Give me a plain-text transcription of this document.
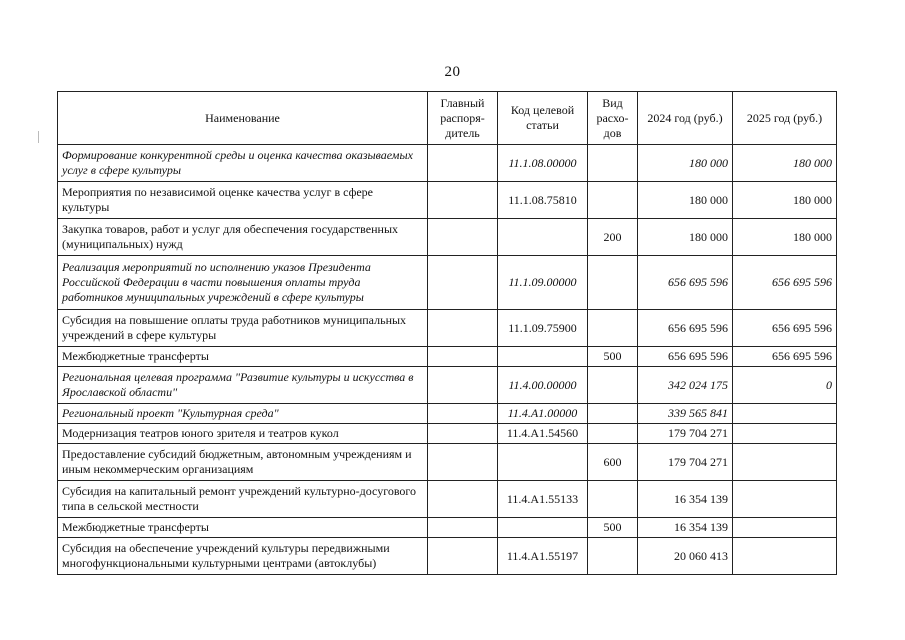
20
Наименование	Главный распоря-дитель	Код целевой статьи	Вид расхо-дов	2024 год (руб.)	2025 год (руб.)
Формирование конкурентной среды и оценка качества оказываемых услуг в сфере культуры		11.1.08.00000		180 000	180 000
Мероприятия по независимой оценке качества услуг в сфере культуры		11.1.08.75810		180 000	180 000
Закупка товаров, работ и услуг для обеспечения государственных (муниципальных) нужд			200	180 000	180 000
Реализация мероприятий по исполнению указов Президента Российской Федерации в части повышения оплаты труда работников муниципальных учреждений в сфере культуры		11.1.09.00000		656 695 596	656 695 596
Субсидия на повышение оплаты труда работников муниципальных учреждений в сфере культуры		11.1.09.75900		656 695 596	656 695 596
Межбюджетные трансферты			500	656 695 596	656 695 596
Региональная целевая программа "Развитие культуры и искусства в Ярославской области"		11.4.00.00000		342 024 175	0
Региональный проект "Культурная среда"		11.4.А1.00000		339 565 841	
Модернизация театров юного зрителя и театров кукол		11.4.А1.54560		179 704 271	
Предоставление субсидий бюджетным, автономным учреждениям и иным некоммерческим организациям			600	179 704 271	
Субсидия на капитальный ремонт учреждений культурно-досугового типа в сельской местности		11.4.А1.55133		16 354 139	
Межбюджетные трансферты			500	16 354 139	
Субсидия на обеспечение учреждений культуры передвижными многофункциональными культурными центрами (автоклубы)		11.4.А1.55197		20 060 413	
